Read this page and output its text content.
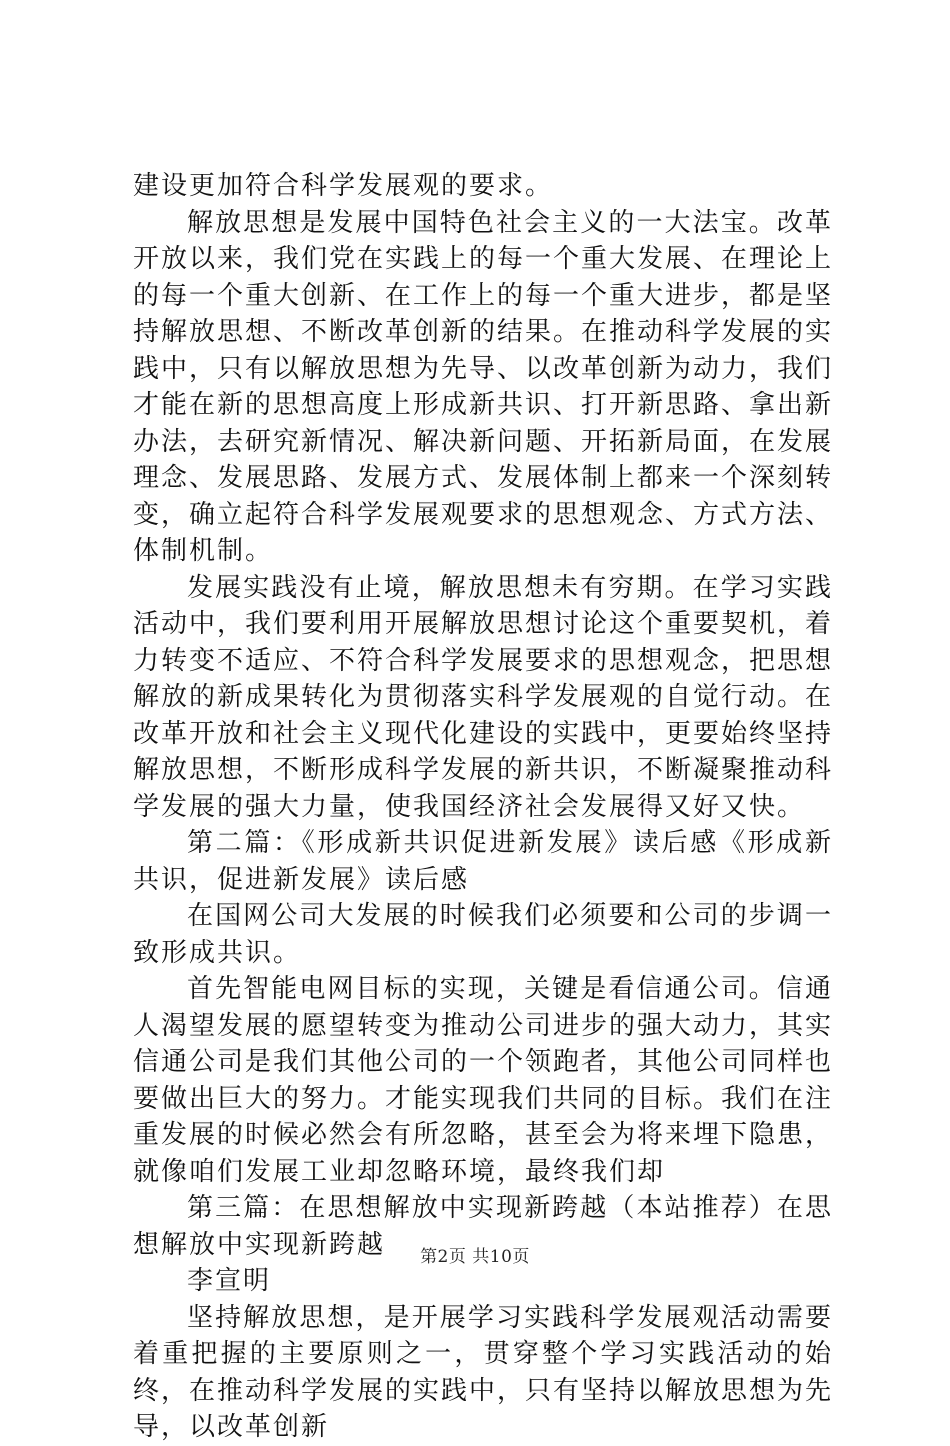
建设更加符合科学发展观的要求。

解放思想是发展中国特色社会主义的一大法宝。改革开放以来，我们党在实践上的每一个重大发展、在理论上的每一个重大创新、在工作上的每一个重大进步，都是坚持解放思想、不断改革创新的结果。在推动科学发展的实践中，只有以解放思想为先导、以改革创新为动力，我们才能在新的思想高度上形成新共识、打开新思路、拿出新办法，去研究新情况、解决新问题、开拓新局面，在发展理念、发展思路、发展方式、发展体制上都来一个深刻转变，确立起符合科学发展观要求的思想观念、方式方法、体制机制。

发展实践没有止境，解放思想未有穷期。在学习实践活动中，我们要利用开展解放思想讨论这个重要契机，着力转变不适应、不符合科学发展要求的思想观念，把思想解放的新成果转化为贯彻落实科学发展观的自觉行动。在改革开放和社会主义现代化建设的实践中，更要始终坚持解放思想，不断形成科学发展的新共识，不断凝聚推动科学发展的强大力量，使我国经济社会发展得又好又快。

第二篇：《形成新共识促进新发展》读后感《形成新共识，促进新发展》读后感

在国网公司大发展的时候我们必须要和公司的步调一致形成共识。

首先智能电网目标的实现，关键是看信通公司。信通人渴望发展的愿望转变为推动公司进步的强大动力，其实信通公司是我们其他公司的一个领跑者，其他公司同样也要做出巨大的努力。才能实现我们共同的目标。我们在注重发展的时候必然会有所忽略，甚至会为将来埋下隐患，就像咱们发展工业却忽略环境，最终我们却

第三篇：在思想解放中实现新跨越（本站推荐）在思想解放中实现新跨越

李宣明

坚持解放思想，是开展学习实践科学发展观活动需要着重把握的主要原则之一，贯穿整个学习实践活动的始终，在推动科学发展的实践中，只有坚持以解放思想为先导，以改革创新

第2页 共10页
